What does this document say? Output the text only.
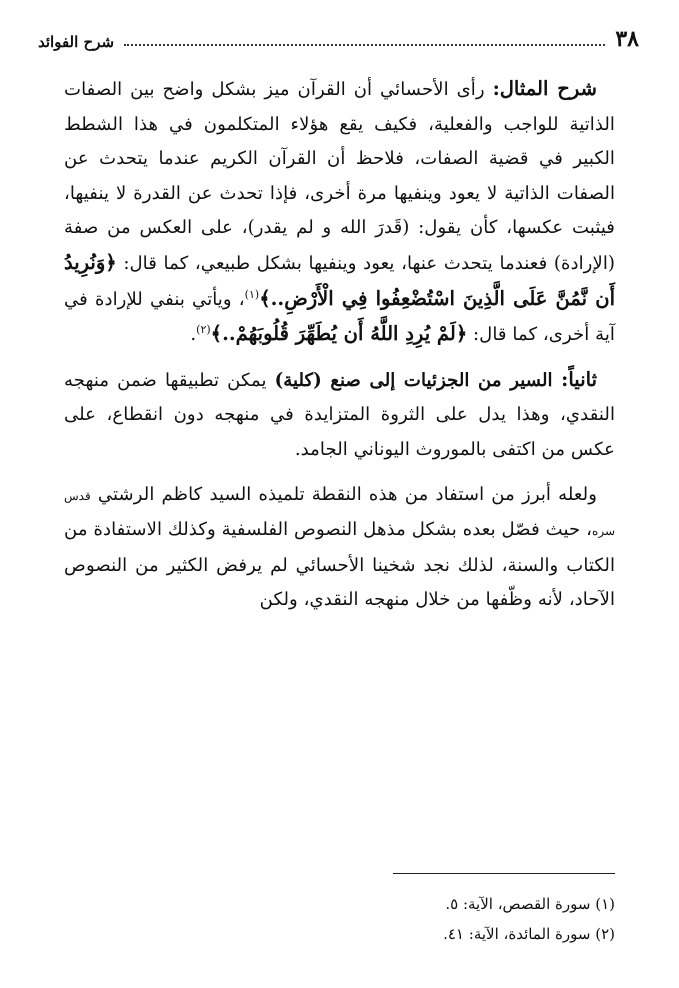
٣٨
شرح الفوائد

شرح المثال: رأى الأحسائي أن القرآن ميز بشكل واضح بين الصفات الذاتية للواجب والفعلية، فكيف يقع هؤلاء المتكلمون في هذا الشطط الكبير في قضية الصفات، فلاحظ أن القرآن الكريم عندما يتحدث عن الصفات الذاتية لا يعود وينفيها مرة أخرى، فإذا تحدث عن القدرة لا ينفيها، فيثبت عكسها، كأن يقول: (قَدرَ الله و لم يقدر)، على العكس من صفة (الإرادة) فعندما يتحدث عنها، يعود وينفيها بشكل طبيعي، كما قال: ﴿وَنُرِيدُ أَن نَّمُنَّ عَلَى الَّذِينَ اسْتُضْعِفُوا فِي الْأَرْضِ..﴾$^{(١)}$، ويأتي بنفي للإرادة في آية أخرى، كما قال: ﴿لَمْ يُرِدِ اللَّهُ أَن يُطَهِّرَ قُلُوبَهُمْ..﴾$^{(٢)}$.

ثانياً: السير من الجزئيات إلى صنع (كلية) يمكن تطبيقها ضمن منهجه النقدي، وهذا يدل على الثروة المتزايدة في منهجه دون انقطاع، على عكس من اكتفى بالموروث اليوناني الجامد.

ولعله أبرز من استفاد من هذه النقطة تلميذه السيد كاظم الرشتي قدس سره، حيث فصّل بعده بشكل مذهل النصوص الفلسفية وكذلك الاستفادة من الكتاب والسنة، لذلك نجد شخينا الأحسائي لم يرفض الكثير من النصوص الآحاد، لأنه وظّفها من خلال منهجه النقدي، ولكن

(١) سورة القصص، الآية: ٥.
(٢) سورة المائدة، الآية: ٤١.
